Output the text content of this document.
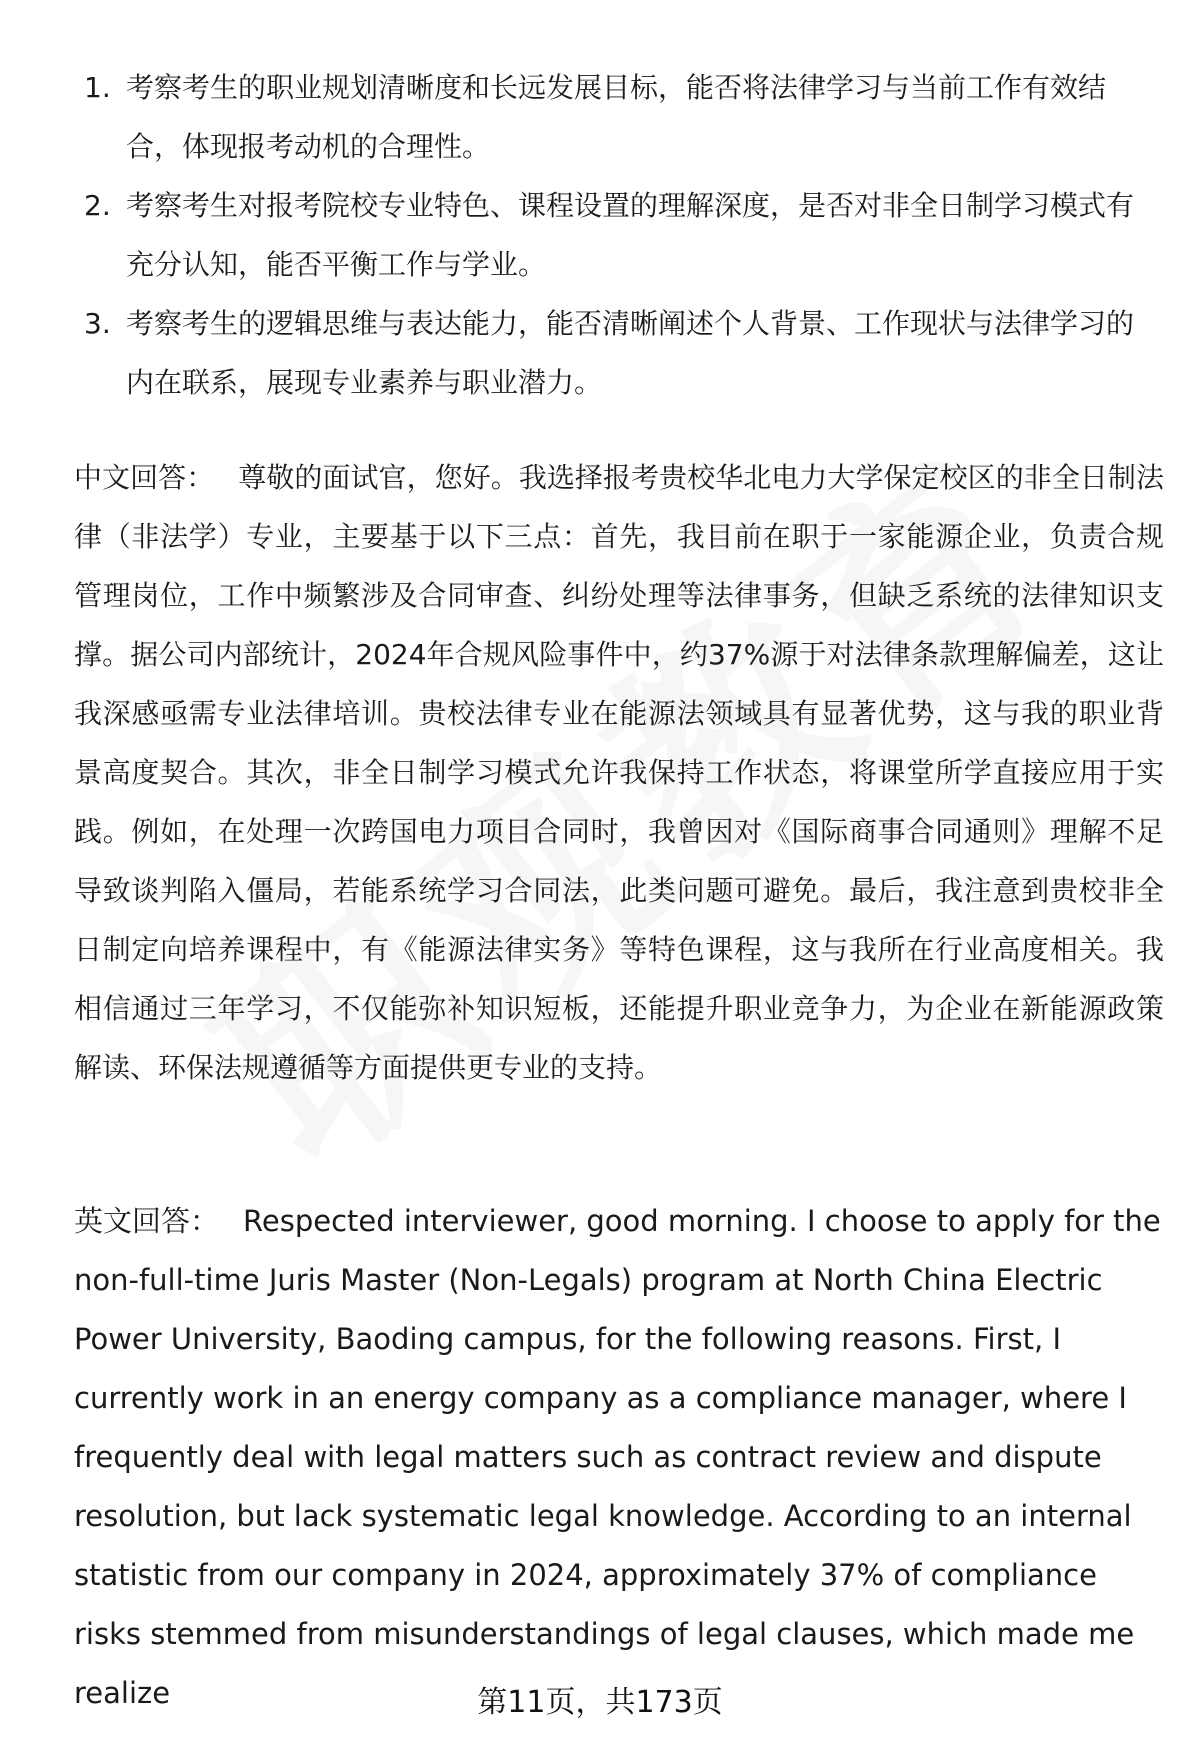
1. 考察考生的职业规划清晰度和长远发展目标，能否将法律学习与当前工作有效结合，体现报考动机的合理性。
2. 考察考生对报考院校专业特色、课程设置的理解深度，是否对非全日制学习模式有充分认知，能否平衡工作与学业。
3. 考察考生的逻辑思维与表达能力，能否清晰阐述个人背景、工作现状与法律学习的内在联系，展现专业素养与职业潜力。

中文回答： 尊敬的面试官，您好。我选择报考贵校华北电力大学保定校区的非全日制法律（非法学）专业，主要基于以下三点：首先，我目前在职于一家能源企业，负责合规管理岗位，工作中频繁涉及合同审查、纠纷处理等法律事务，但缺乏系统的法律知识支撑。据公司内部统计，2024年合规风险事件中，约37%源于对法律条款理解偏差，这让我深感亟需专业法律培训。贵校法律专业在能源法领域具有显著优势，这与我的职业背景高度契合。其次，非全日制学习模式允许我保持工作状态，将课堂所学直接应用于实践。例如，在处理一次跨国电力项目合同时，我曾因对《国际商事合同通则》理解不足导致谈判陷入僵局，若能系统学习合同法，此类问题可避免。最后，我注意到贵校非全日制定向培养课程中，有《能源法律实务》等特色课程，这与我所在行业高度相关。我相信通过三年学习，不仅能弥补知识短板，还能提升职业竞争力，为企业在新能源政策解读、环保法规遵循等方面提供更专业的支持。

英文回答： Respected interviewer, good morning. I choose to apply for the non-full-time Juris Master (Non-Legals) program at North China Electric Power University, Baoding campus, for the following reasons. First, I currently work in an energy company as a compliance manager, where I frequently deal with legal matters such as contract review and dispute resolution, but lack systematic legal knowledge. According to an internal statistic from our company in 2024, approximately 37% of compliance risks stemmed from misunderstandings of legal clauses, which made me realize	第11页，共173页
